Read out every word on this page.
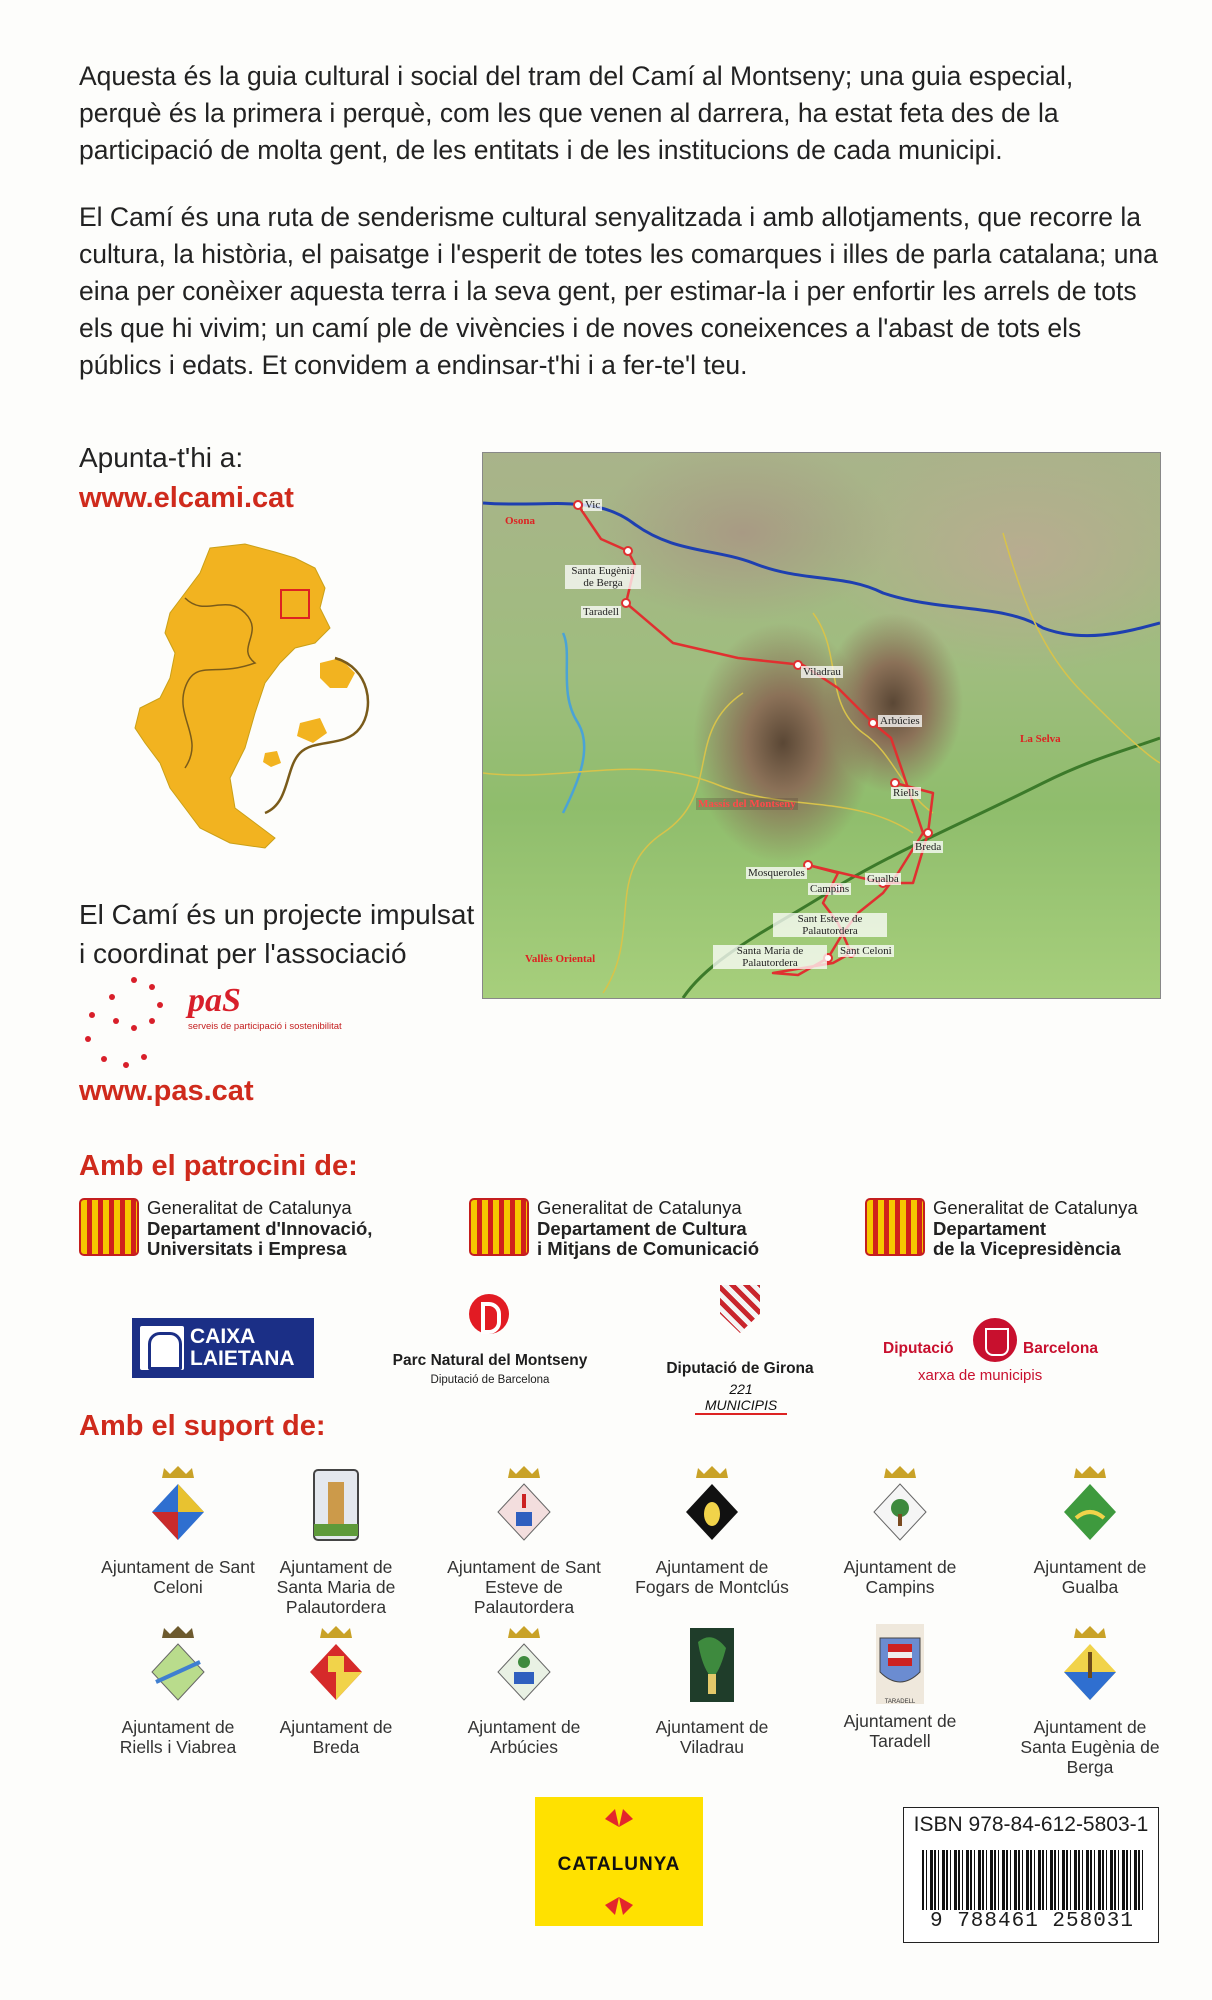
Aquesta és la guia cultural i social del tram del Camí al Montseny; una guia especial, perquè és la primera i perquè, com les que venen al darrera, ha estat feta des de la participació de molta gent, de les entitats i de les institucions de cada municipi.

El Camí és una ruta de senderisme cultural senyalitzada i amb allotjaments, que recorre la cultura, la història, el paisatge i l'esperit de totes les comarques i illes de parla catalana; una eina per conèixer aquesta terra i la seva gent, per estimar-la i per enfortir les arrels de tots els que hi vivim; un camí ple de vivències i de noves coneixences a l'abast de tots els públics i edats. Et convidem a endinsar-t'hi i a fer-te'l teu.

Apunta-t'hi a:
www.elcami.cat	Vic
Santa Eugènia de Berga
Taradell
Viladrau
Arbúcies
Riells
Breda
Gualba
Campins
Mosqueroles
Sant Esteve de Palautordera
Santa Maria de Palautordera
Sant Celoni
Osona
La Selva
Vallès Oriental
Massís del Montseny
El Camí és un projecte impulsat
i coordinat per l'associació
paS
serveis de participació i sostenibilitat
www.pas.cat
Amb el patrocini de:
Generalitat de Catalunya
Departament d'Innovació,
Universitats i Empresa
Generalitat de Catalunya
Departament de Cultura
i Mitjans de Comunicació
Generalitat de Catalunya
Departament
de la Vicepresidència
CAIXA
LAIETANA	Parc Natural del Montseny
Diputació de Barcelona
Diputació de Girona
221 MUNICIPIS
Diputació	Barcelona
xarxa de municipis
Amb el suport de:
Ajuntament de Sant Celoni
Ajuntament de Santa Maria de Palautordera
Ajuntament de Sant Esteve de Palautordera
Ajuntament de Fogars de Montclús
Ajuntament de Campins
Ajuntament de Gualba
Ajuntament de Riells i Viabrea
Ajuntament de Breda
Ajuntament de Arbúcies
Ajuntament de Viladrau
TARADELL
Ajuntament de Taradell
Ajuntament de Santa Eugènia de Berga
CATALUNYA
ISBN 978-84-612-5803-1
9 788461 258031
